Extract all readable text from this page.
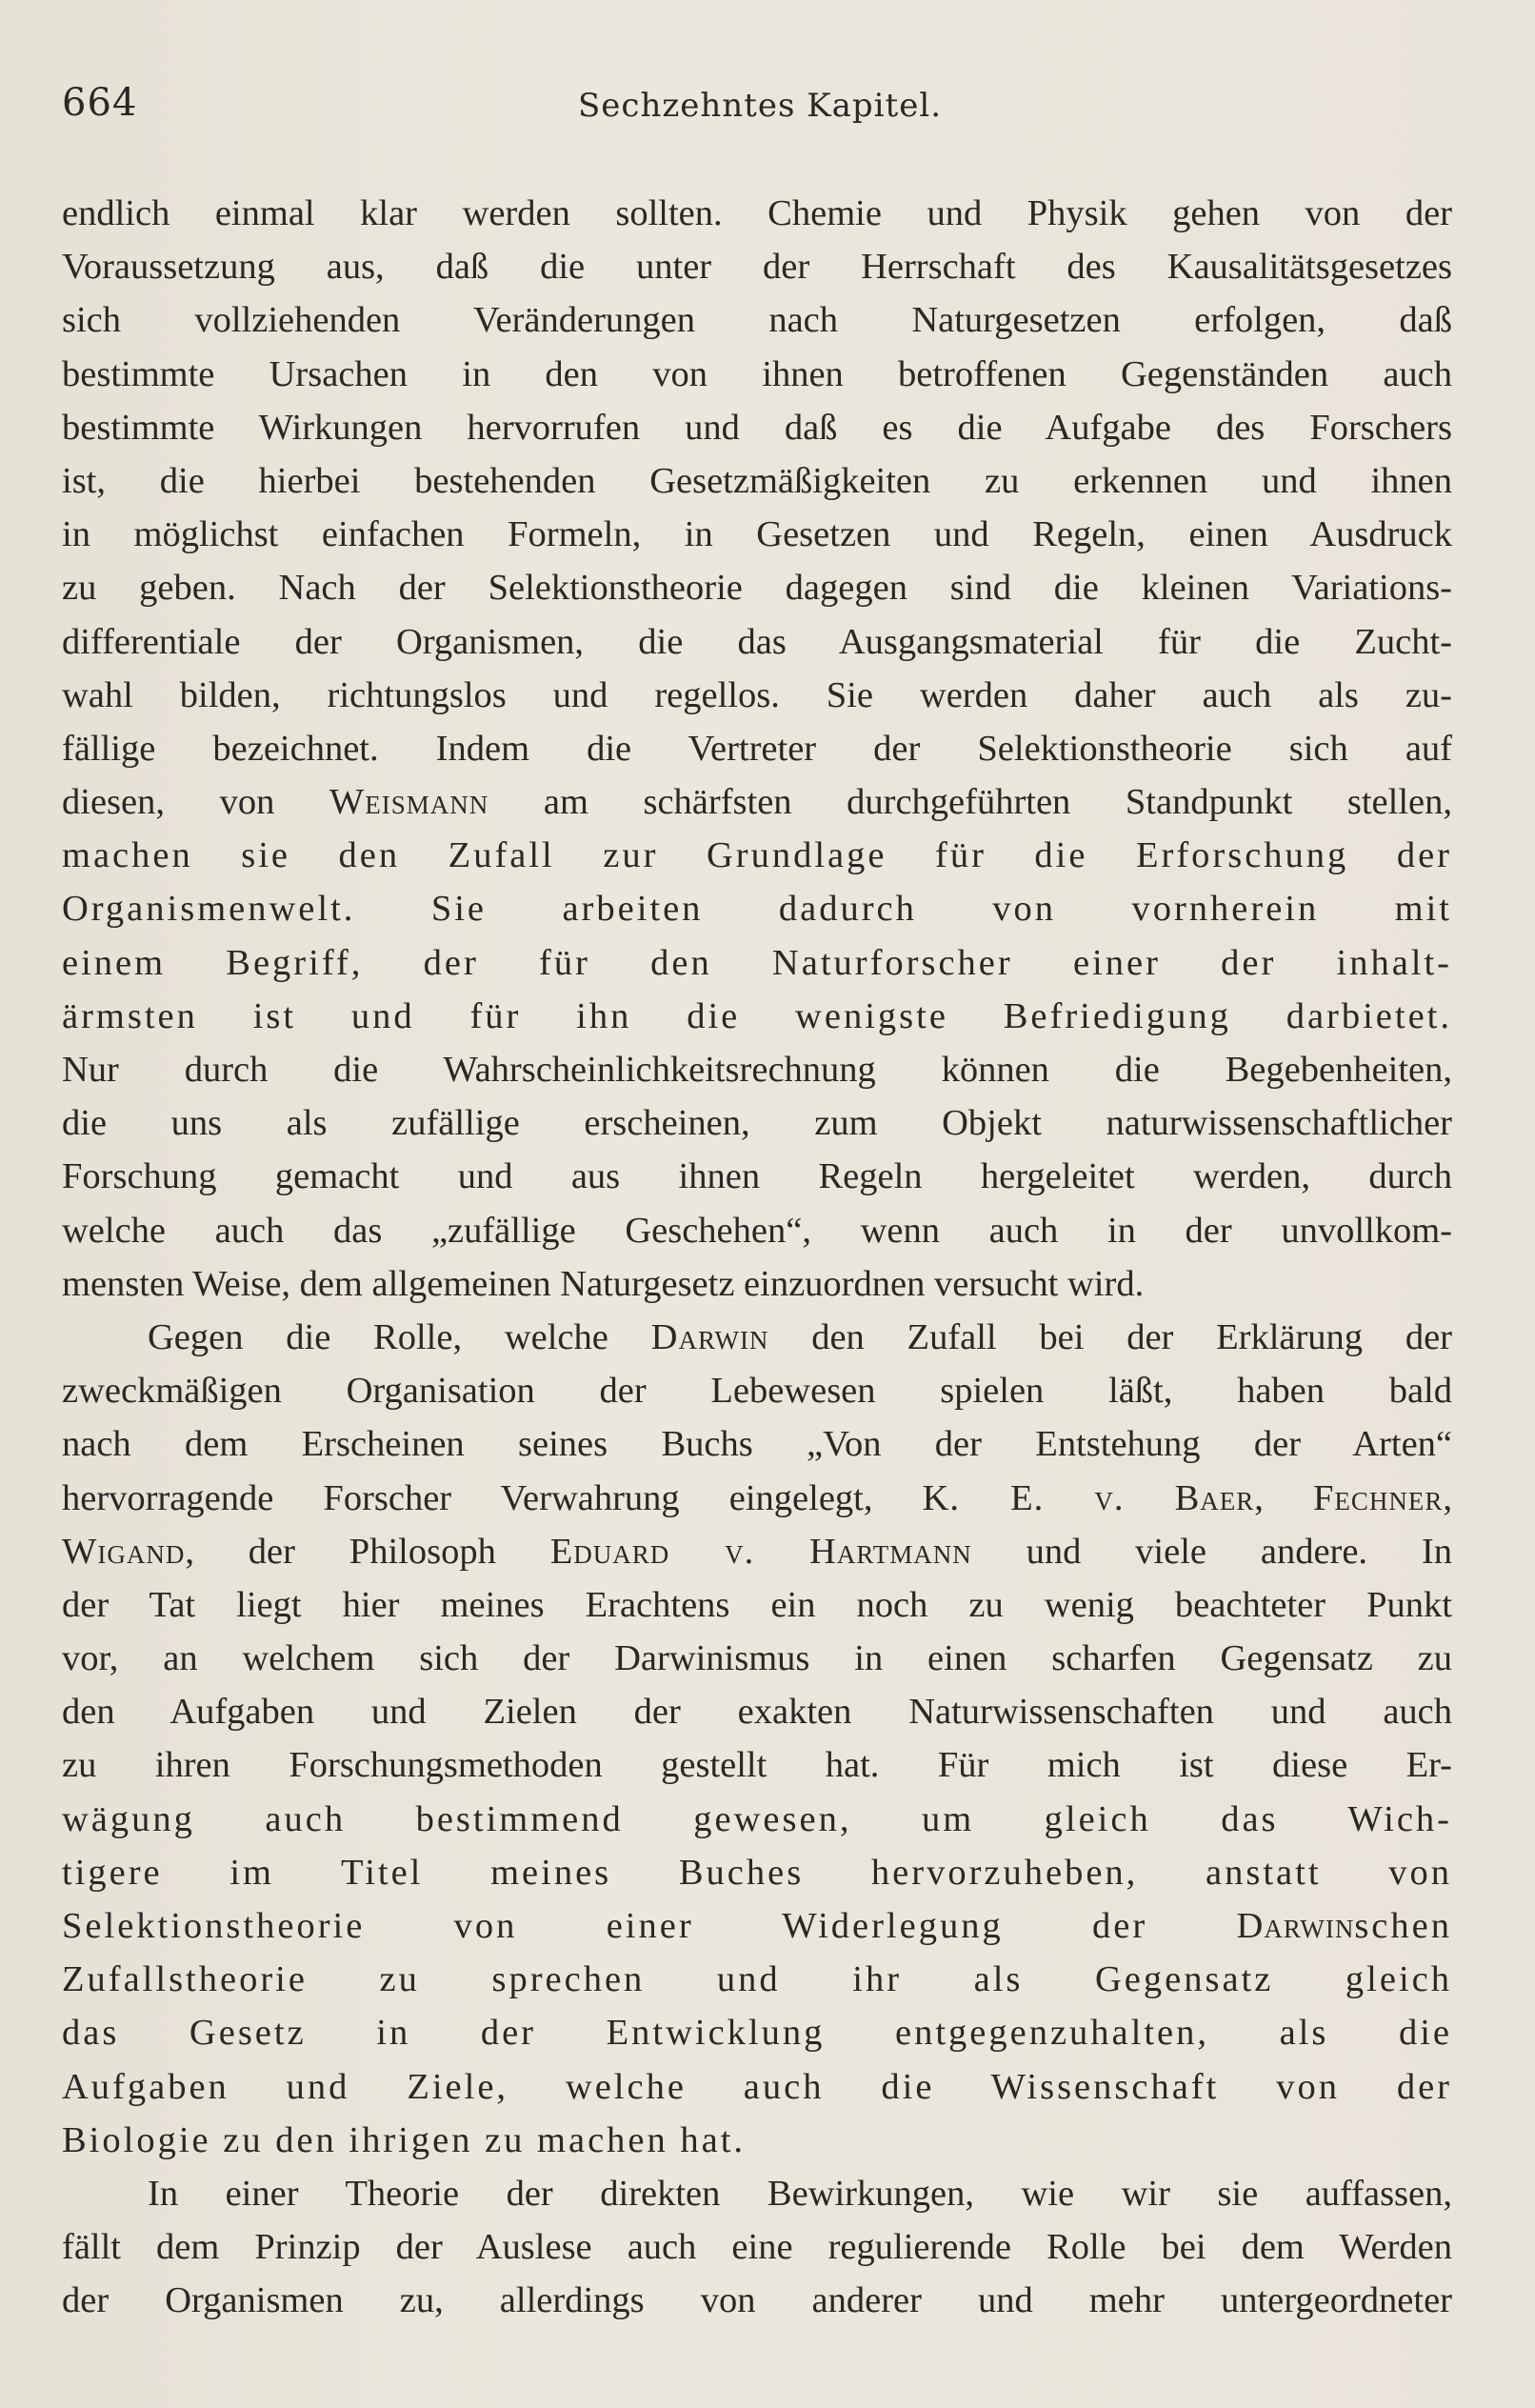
664	Sechzehntes Kapitel.
endlich einmal klar werden sollten. Chemie und Physik gehen von der
Voraussetzung aus, daß die unter der Herrschaft des Kausalitätsgesetzes
sich vollziehenden Veränderungen nach Naturgesetzen erfolgen, daß
bestimmte Ursachen in den von ihnen betroffenen Gegenständen auch
bestimmte Wirkungen hervorrufen und daß es die Aufgabe des Forschers
ist, die hierbei bestehenden Gesetzmäßigkeiten zu erkennen und ihnen
in möglichst einfachen Formeln, in Gesetzen und Regeln, einen Ausdruck
zu geben. Nach der Selektionstheorie dagegen sind die kleinen Variations-
differentiale der Organismen, die das Ausgangsmaterial für die Zucht-
wahl bilden, richtungslos und regellos. Sie werden daher auch als zu-
fällige bezeichnet. Indem die Vertreter der Selektionstheorie sich auf
diesen, von Weismann am schärfsten durchgeführten Standpunkt stellen,
machen sie den Zufall zur Grundlage für die Erforschung der
Organismenwelt. Sie arbeiten dadurch von vornherein mit
einem Begriff, der für den Naturforscher einer der inhalt-
ärmsten ist und für ihn die wenigste Befriedigung darbietet.
Nur durch die Wahrscheinlichkeitsrechnung können die Begebenheiten,
die uns als zufällige erscheinen, zum Objekt naturwissenschaftlicher
Forschung gemacht und aus ihnen Regeln hergeleitet werden, durch
welche auch das „zufällige Geschehen“, wenn auch in der unvollkom-
mensten Weise, dem allgemeinen Naturgesetz einzuordnen versucht wird.
Gegen die Rolle, welche Darwin den Zufall bei der Erklärung der
zweckmäßigen Organisation der Lebewesen spielen läßt, haben bald
nach dem Erscheinen seines Buchs „Von der Entstehung der Arten“
hervorragende Forscher Verwahrung eingelegt, K. E. v. Baer, Fechner,
Wigand, der Philosoph Eduard v. Hartmann und viele andere. In
der Tat liegt hier meines Erachtens ein noch zu wenig beachteter Punkt
vor, an welchem sich der Darwinismus in einen scharfen Gegensatz zu
den Aufgaben und Zielen der exakten Naturwissenschaften und auch
zu ihren Forschungsmethoden gestellt hat. Für mich ist diese Er-
wägung auch bestimmend gewesen, um gleich das Wich-
tigere im Titel meines Buches hervorzuheben, anstatt von
Selektionstheorie von einer Widerlegung der Darwinschen
Zufallstheorie zu sprechen und ihr als Gegensatz gleich
das Gesetz in der Entwicklung entgegenzuhalten, als die
Aufgaben und Ziele, welche auch die Wissenschaft von der
Biologie zu den ihrigen zu machen hat.
In einer Theorie der direkten Bewirkungen, wie wir sie auffassen,
fällt dem Prinzip der Auslese auch eine regulierende Rolle bei dem Werden
der Organismen zu, allerdings von anderer und mehr untergeordneter
